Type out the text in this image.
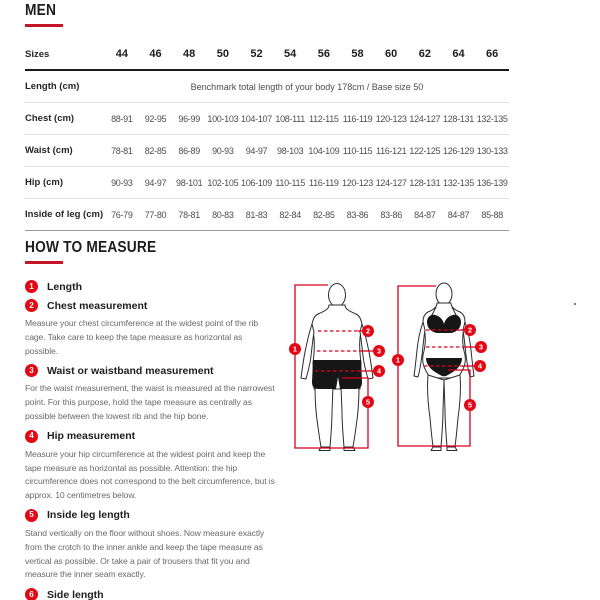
MEN
Sizes	44	46	48	50	52	54	56	58	60	62	64	66
Length (cm)	Benchmark total length of your body 178cm / Base size 50
Chest (cm)	88-91	92-95	96-99 100-103 104-107 108-111 112-115 116-119 120-123 124-127 128-131 132-135
Waist (cm)	78-81	82-85	86-89	90-93	94-97	98-103 104-109 110-115 116-121 122-125 126-129 130-133
Hip (cm)	90-93	94-97	98-101 102-105 106-109 110-115 116-119 120-123 124-127 128-131 132-135 136-139
Inside of leg (cm) 76-79	77-80	78-81	80-83	81-83	82-84	82-85	83-86	83-86	84-87	84-87	85-88
HOW TO MEASURE
1	Length
2	Chest measurement

Measure your chest circumference at the widest point of the rib cage. Take care to keep the tape measure as horizontal as possible.

3	Waist or waistband measurement

For the waist measurement, the waist is measured at the narrowest point. For this purpose, hold the tape measure as centrally as possible between the lowest rib and the hip bone.

4	Hip measurement

Measure your hip circumference at the widest point and keep the tape measure as horizontal as possible. Attention: the hip circumference does not correspond to the belt circumference, but is approx. 10 centimetres below.

5	Inside leg length

Stand vertically on the floor without shoes. Now measure exactly from the crotch to the inner ankle and keep the tape measure as vertical as possible. Or take a pair of trousers that fit you and measure the inner seam exactly.

6	Side length
1
2
3
4
5
1
2
3
4
5
